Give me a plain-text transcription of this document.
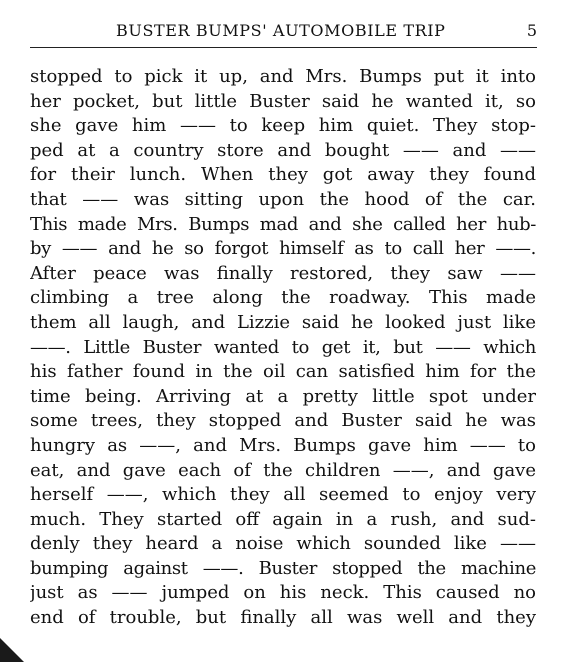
BUSTER BUMPS' AUTOMOBILE TRIP	5
stopped to pick it up, and Mrs. Bumps put it into
her pocket, but little Buster said he wanted it, so
she gave him —— to keep him quiet. They stop-
ped at a country store and bought —— and ——
for their lunch. When they got away they found
that —— was sitting upon the hood of the car.
This made Mrs. Bumps mad and she called her hub-
by —— and he so forgot himself as to call her ——.
After peace was finally restored, they saw ——
climbing a tree along the roadway. This made
them all laugh, and Lizzie said he looked just like
——. Little Buster wanted to get it, but —— which
his father found in the oil can satisfied him for the
time being. Arriving at a pretty little spot under
some trees, they stopped and Buster said he was
hungry as ——, and Mrs. Bumps gave him —— to
eat, and gave each of the children ——, and gave
herself ——, which they all seemed to enjoy very
much. They started off again in a rush, and sud-
denly they heard a noise which sounded like ——
bumping against ——. Buster stopped the machine
just as —— jumped on his neck. This caused no
end of trouble, but finally all was well and they
